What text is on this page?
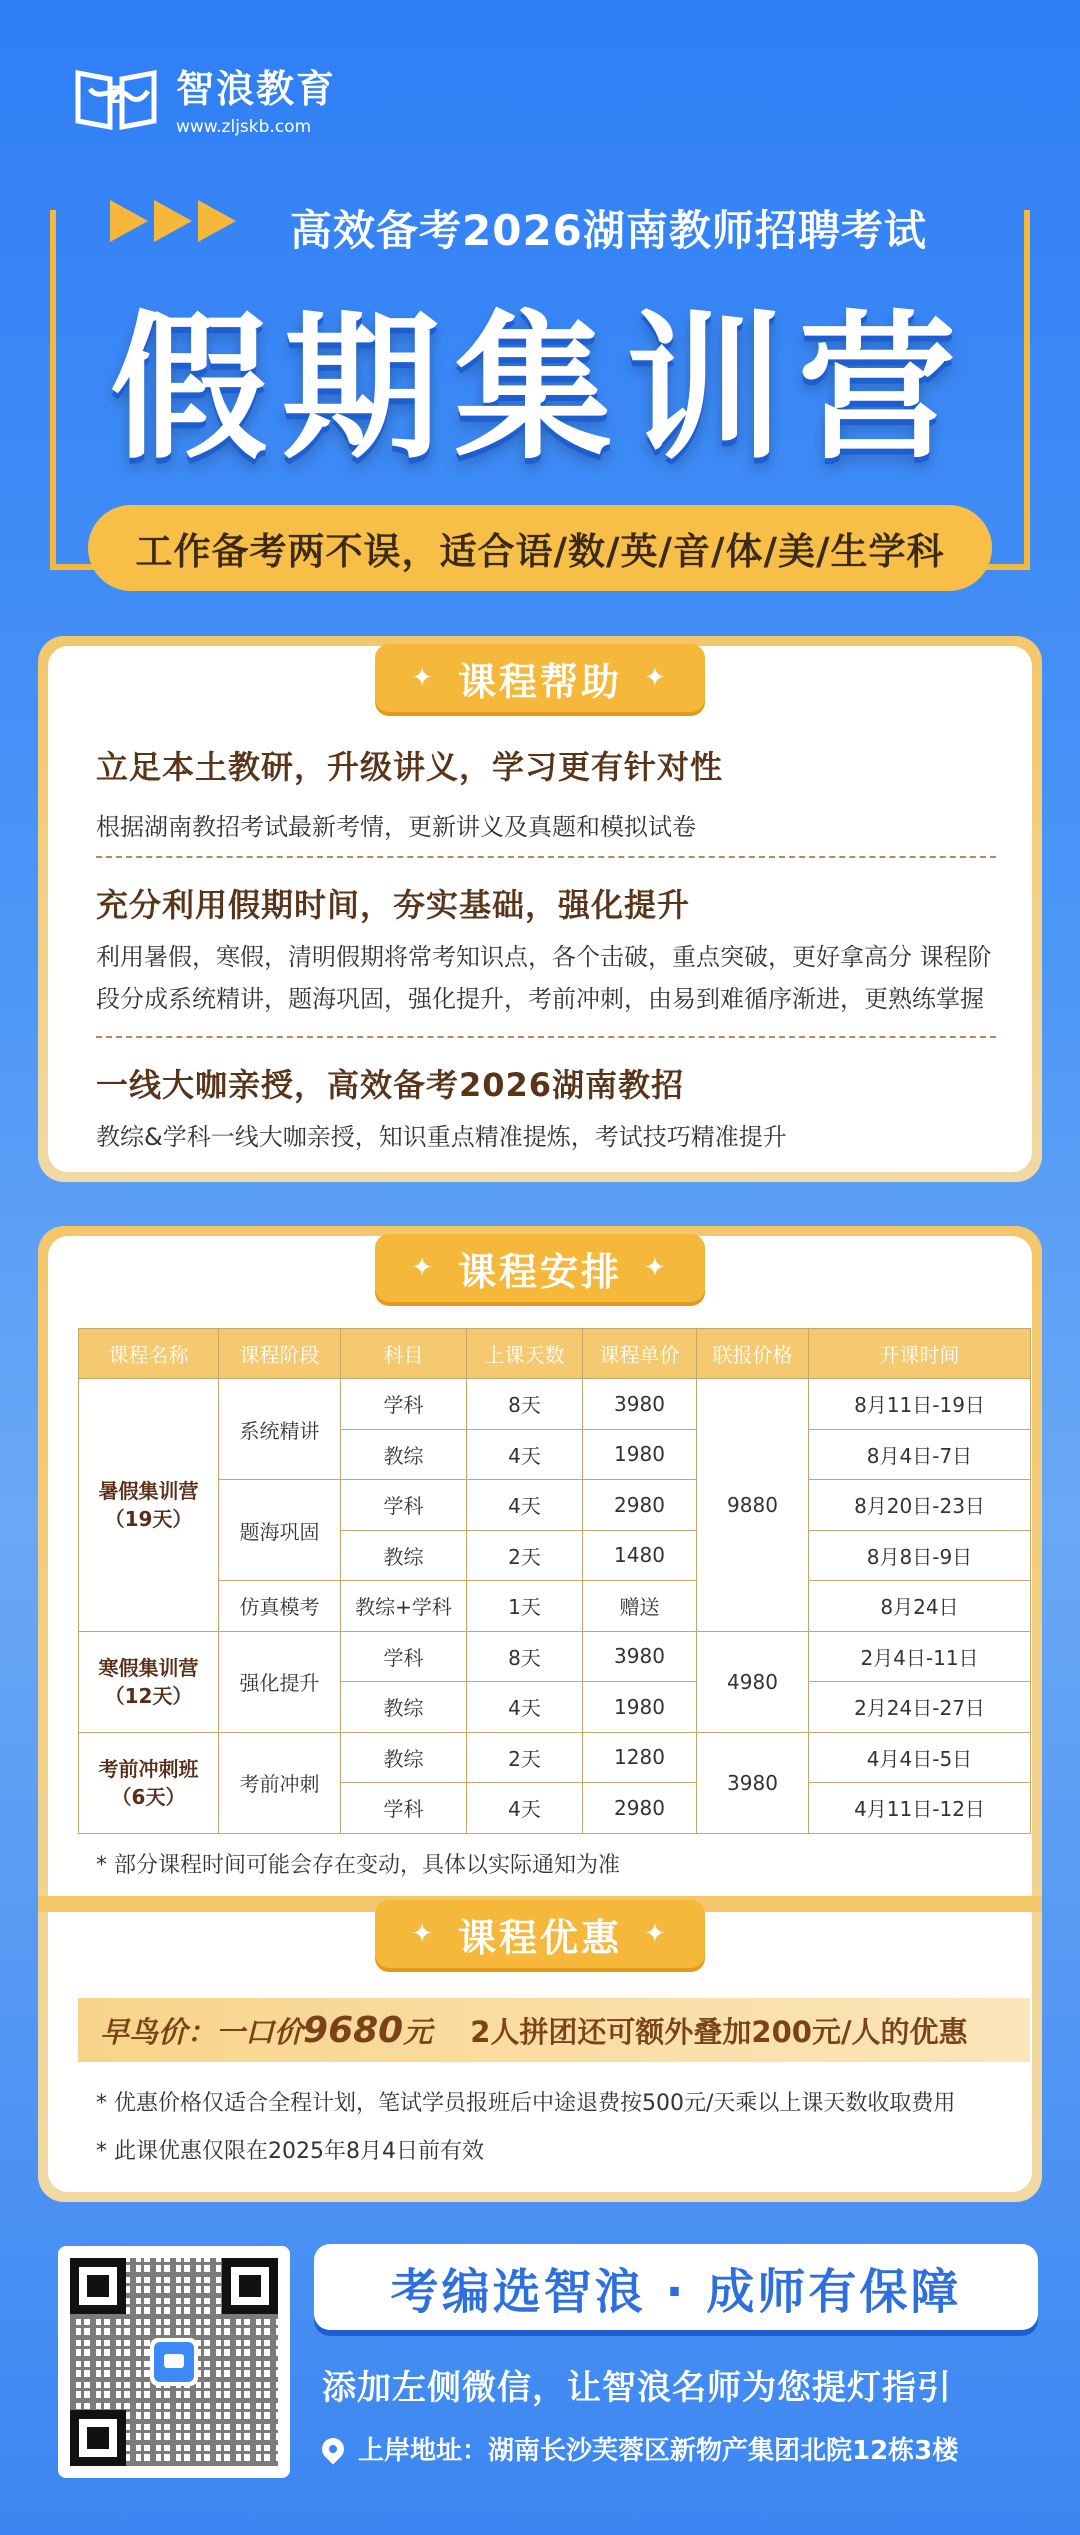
Z 智浪教育
www.zljskb.com
高效备考2026湖南教师招聘考试
假期集训营
工作备考两不误，适合语/数/英/音/体/美/生学科
✦ 课程帮助 ✦
立足本土教研，升级讲义，学习更有针对性
根据湖南教招考试最新考情，更新讲义及真题和模拟试卷
充分利用假期时间，夯实基础，强化提升
利用暑假，寒假，清明假期将常考知识点，各个击破，重点突破，更好拿高分 课程阶段分成系统精讲，题海巩固，强化提升，考前冲刺，由易到难循序渐进，更熟练掌握
一线大咖亲授，高效备考2026湖南教招
教综&学科一线大咖亲授，知识重点精准提炼，考试技巧精准提升
✦ 课程安排 ✦
课程名称	课程阶段	科目	上课天数	课程单价	联报价格	开课时间

暑假集训营
（19天）	系统精讲	学科	8天	3980	9880	8月11日-19日
		教综	4天	1980		8月4日-7日
	题海巩固	学科	4天	2980		8月20日-23日
		教综	2天	1480		8月8日-9日
	仿真模考	教综+学科	1天	赠送		8月24日

寒假集训营
（12天）	强化提升	学科	8天	3980	4980	2月4日-11日
		教综	4天	1980		2月24日-27日

考前冲刺班
（6天）	考前冲刺	教综	2天	1280	3980	4月4日-5日
		学科	4天	2980		4月11日-12日
* 部分课程时间可能会存在变动，具体以实际通知为准
✦ 课程优惠 ✦
早鸟价：一口价9680元 2人拼团还可额外叠加200元/人的优惠
* 优惠价格仅适合全程计划，笔试学员报班后中途退费按500元/天乘以上课天数收取费用
* 此课优惠仅限在2025年8月4日前有效
考编选智浪 · 成师有保障
添加左侧微信，让智浪名师为您提灯指引
上岸地址：湖南长沙芙蓉区新物产集团北院12栋3楼
